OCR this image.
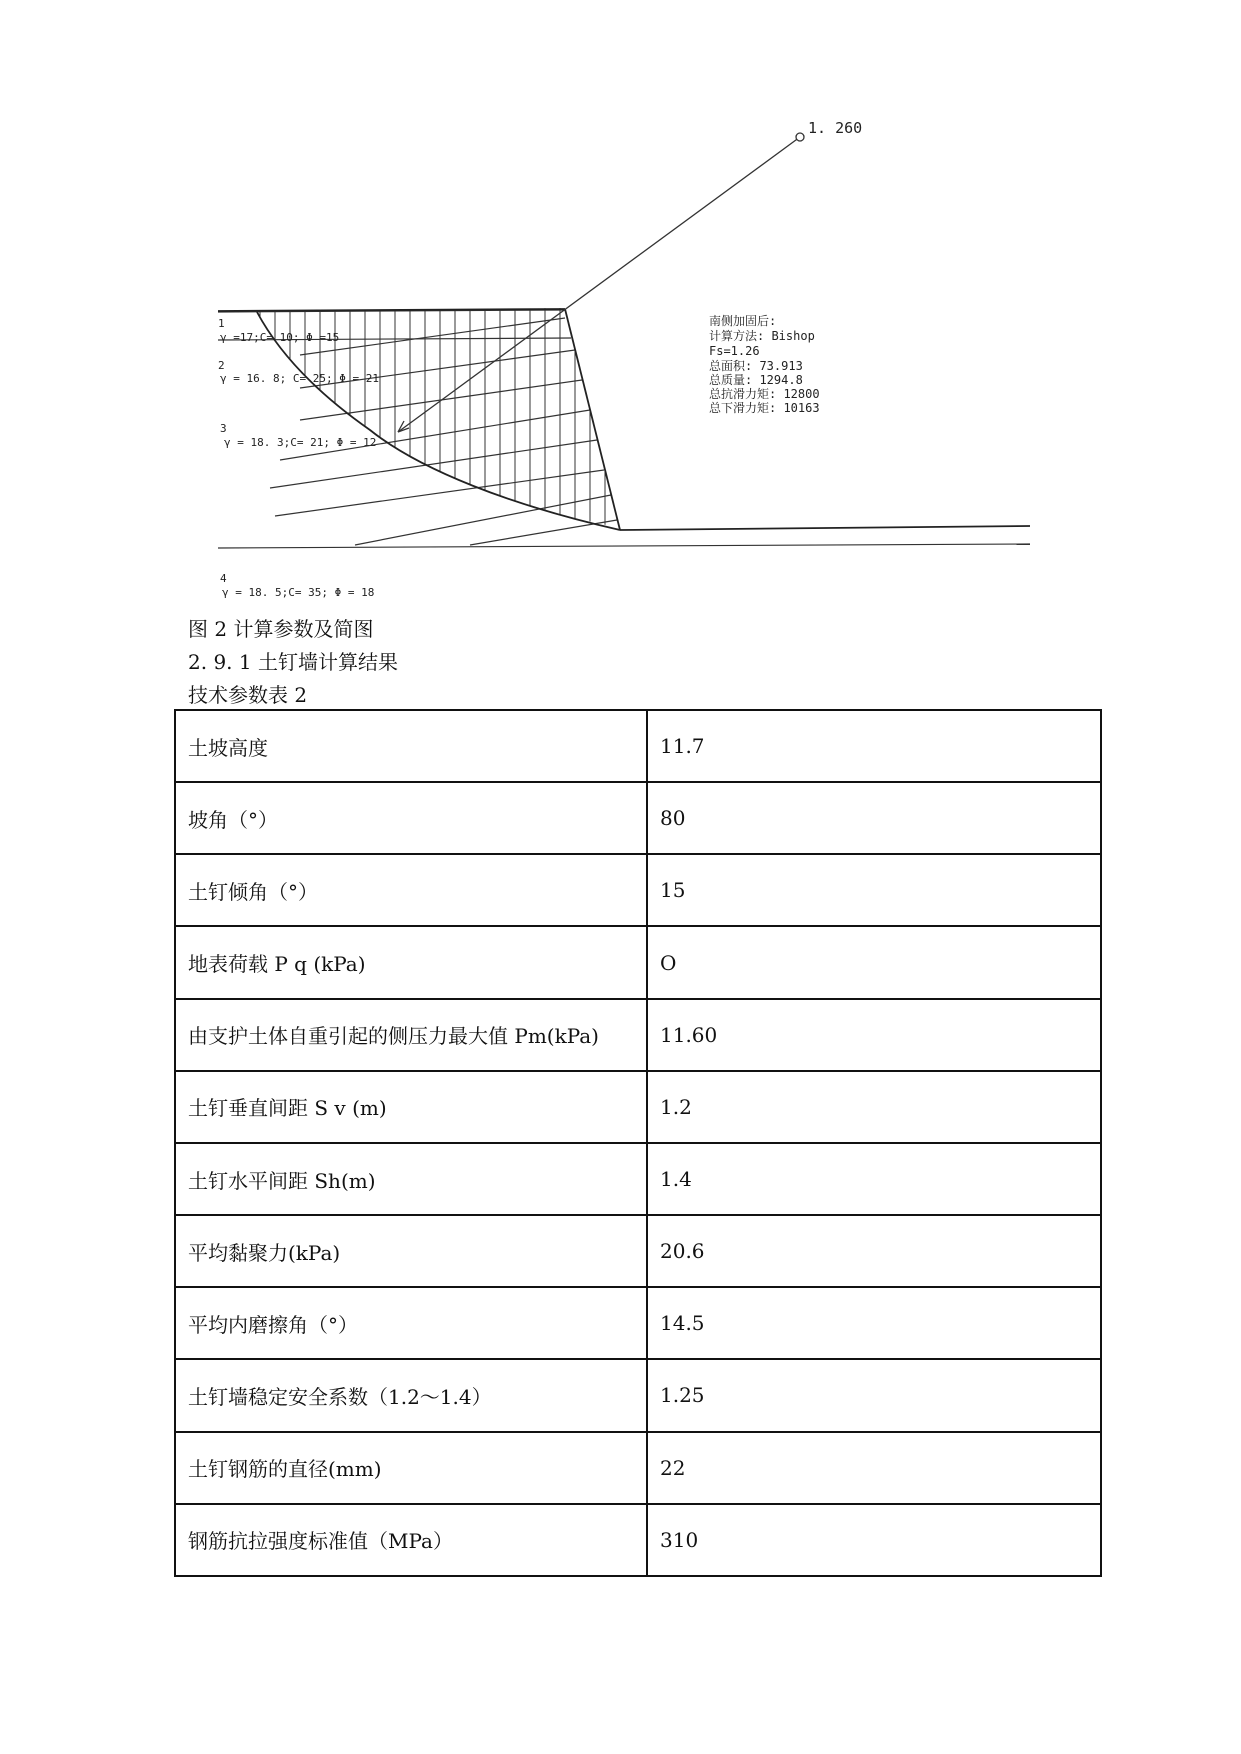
1. 260
1
γ =17;C= 10; Φ =15
2
γ = 16. 8; C= 25; Φ = 21
3
γ = 18. 3;C= 21; Φ = 12
4
γ = 18. 5;C= 35; Φ = 18
南侧加固后:
计算方法: Bishop
Fs=1.26
总面积: 73.913
总质量: 1294.8
总抗滑力矩: 12800
总下滑力矩: 10163
图 2 计算参数及简图
2. 9. 1 土钉墙计算结果
技术参数表 2
土坡高度	11.7
坡角（°）	80
土钉倾角（°）	15
地表荷载 P q (kPa)	O
由支护土体自重引起的侧压力最大值 Pm(kPa)	11.60
土钉垂直间距 S v (m)	1.2
土钉水平间距 Sh(m)	1.4
平均黏聚力(kPa)	20.6
平均内磨擦角（°）	14.5
土钉墙稳定安全系数（1.2～1.4）	1.25
土钉钢筋的直径(mm)	22
钢筋抗拉强度标准值（MPa）	310
